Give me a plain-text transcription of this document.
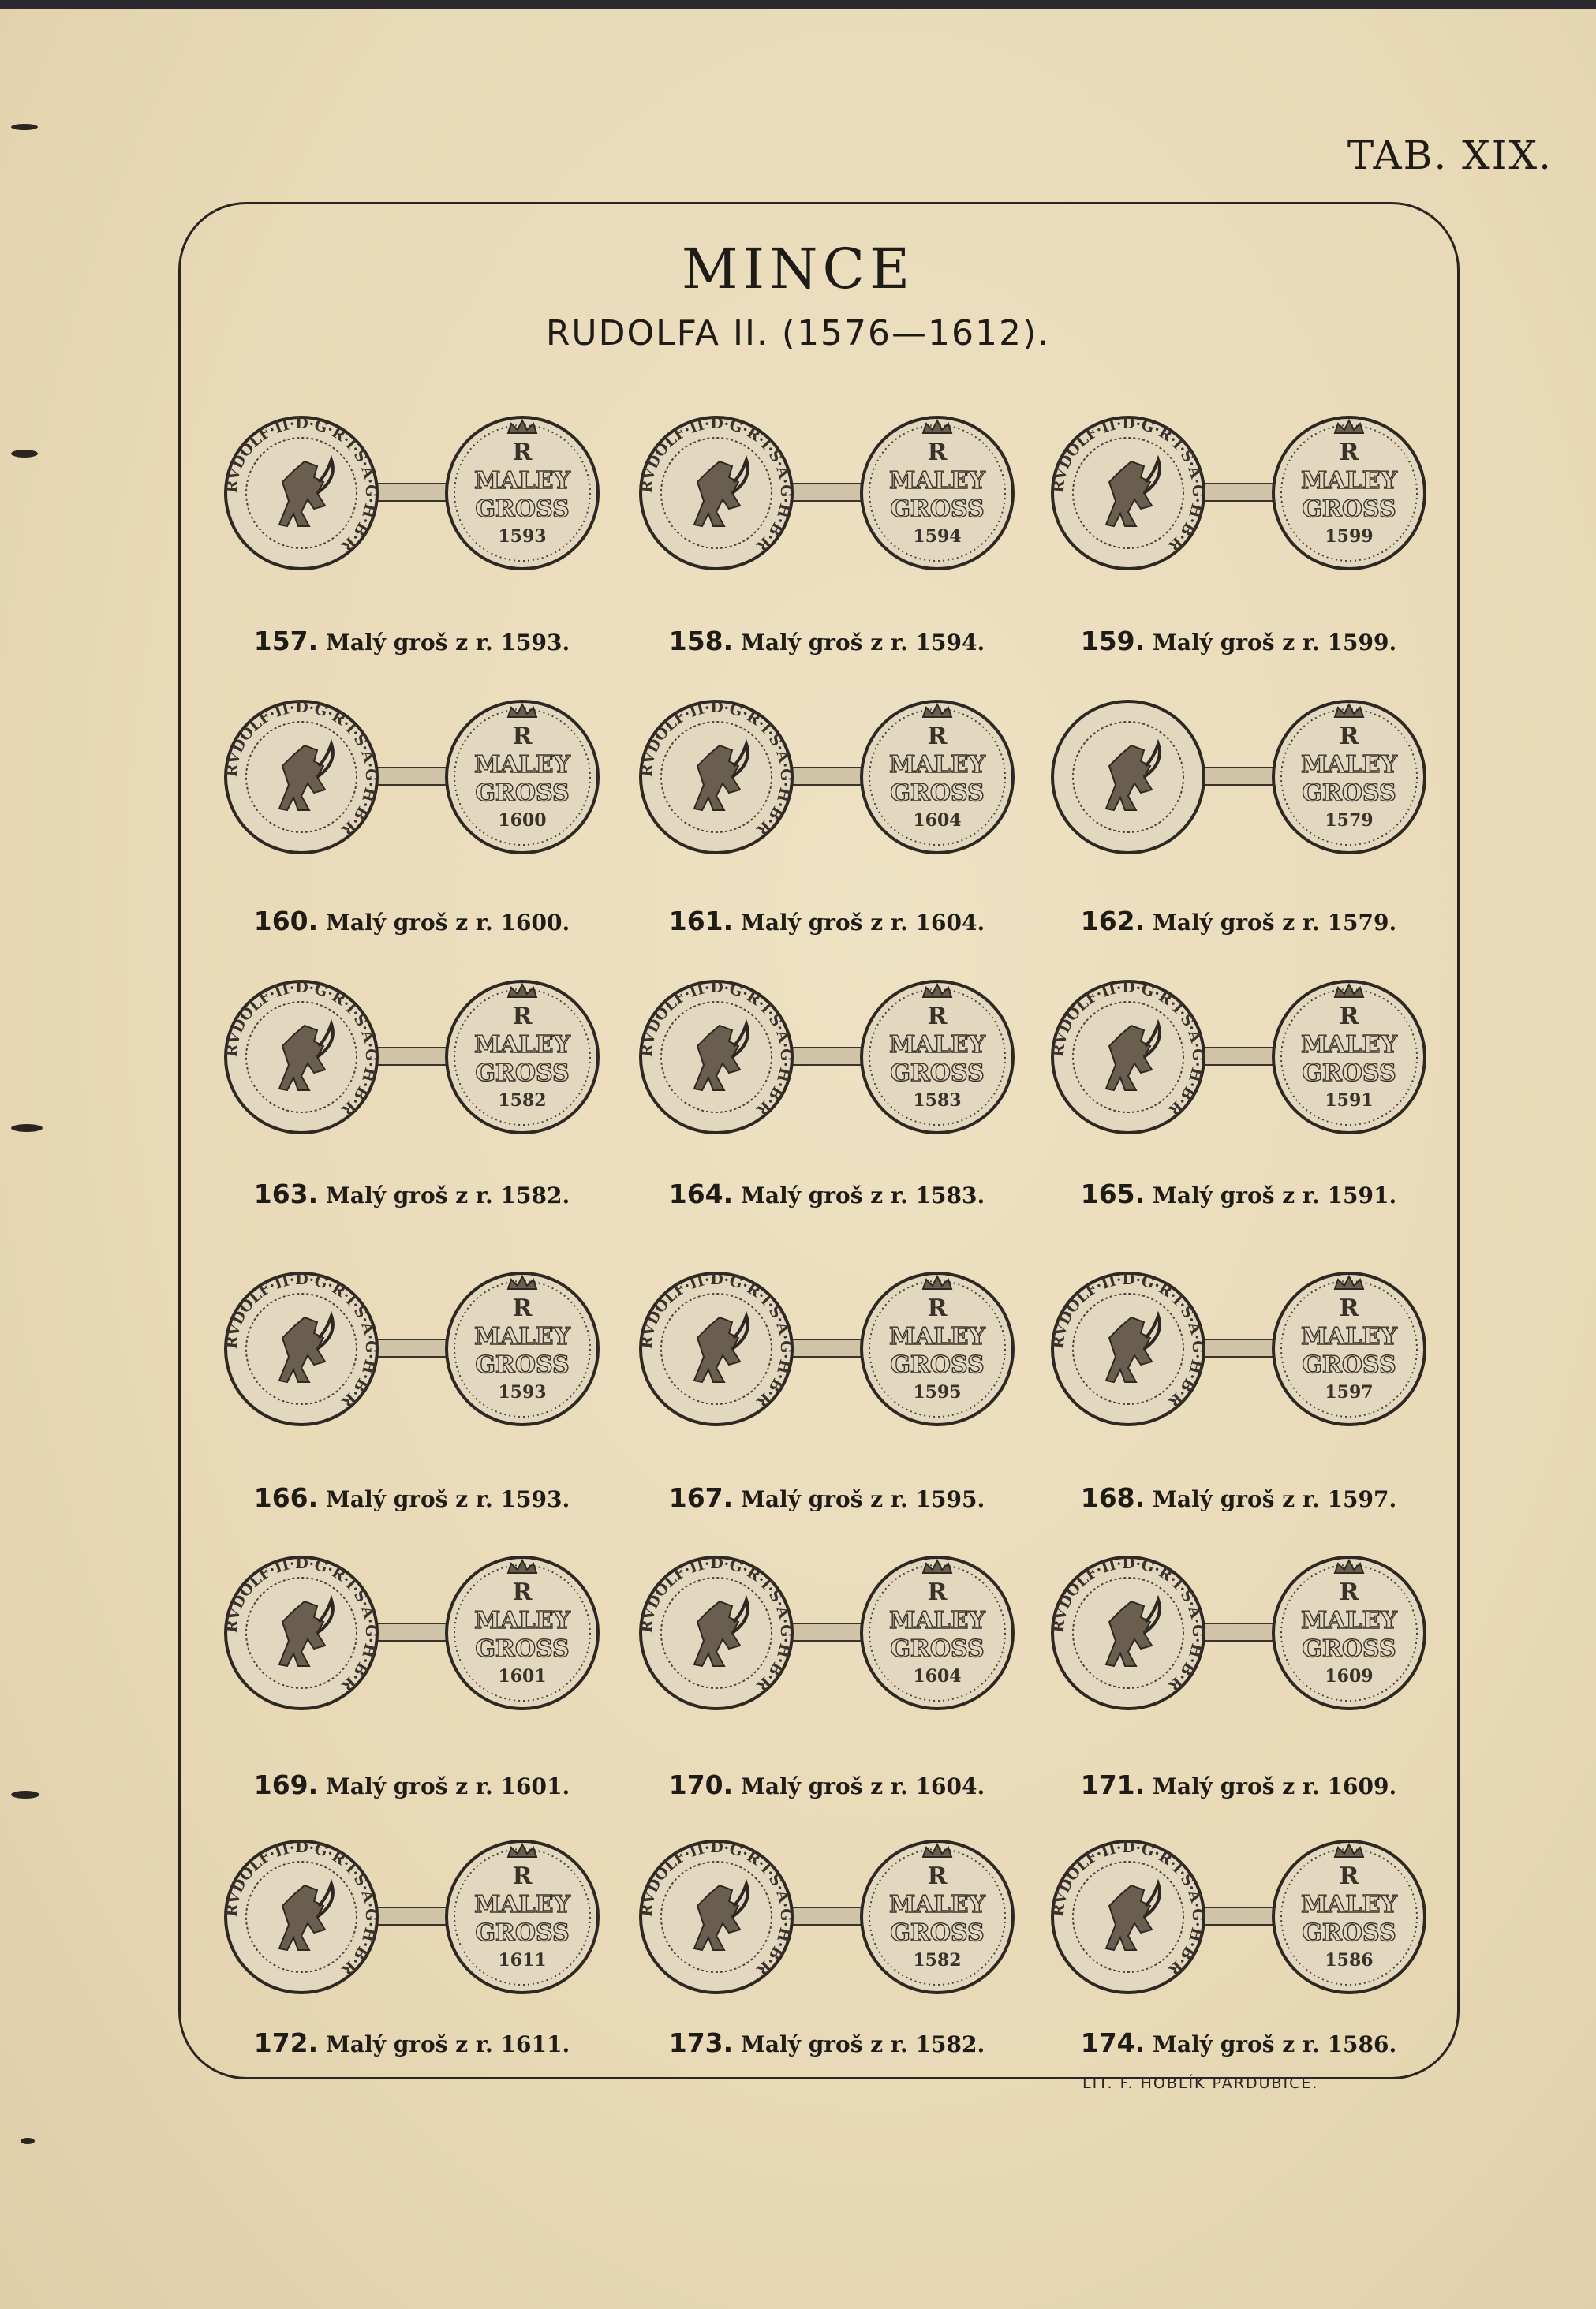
TAB. XIX.
MINCE
RUDOLFA II. (1576—1612).
RVDOLF·II·D·G·R·I·S·A·G·H·B·R
R
MALEY
GROSS
1593
157. Malý groš z r. 1593.
RVDOLF·II·D·G·R·I·S·A·G·H·B·R
R
MALEY
GROSS
1594
158. Malý groš z r. 1594.
RVDOLF·II·D·G·R·I·S·A·G·H·B·R
R
MALEY
GROSS
1599
159. Malý groš z r. 1599.
RVDOLF·II·D·G·R·I·S·A·G·H·B·R
R
MALEY
GROSS
1600
160. Malý groš z r. 1600.
RVDOLF·II·D·G·R·I·S·A·G·H·B·R
R
MALEY
GROSS
1604
161. Malý groš z r. 1604.
R
MALEY
GROSS
1579
162. Malý groš z r. 1579.
RVDOLF·II·D·G·R·I·S·A·G·H·B·R
R
MALEY
GROSS
1582
163. Malý groš z r. 1582.
RVDOLF·II·D·G·R·I·S·A·G·H·B·R
R
MALEY
GROSS
1583
164. Malý groš z r. 1583.
RVDOLF·II·D·G·R·I·S·A·G·H·B·R
R
MALEY
GROSS
1591
165. Malý groš z r. 1591.
RVDOLF·II·D·G·R·I·S·A·G·H·B·R
R
MALEY
GROSS
1593
166. Malý groš z r. 1593.
RVDOLF·II·D·G·R·I·S·A·G·H·B·R
R
MALEY
GROSS
1595
167. Malý groš z r. 1595.
RVDOLF·II·D·G·R·I·S·A·G·H·B·R
R
MALEY
GROSS
1597
168. Malý groš z r. 1597.
RVDOLF·II·D·G·R·I·S·A·G·H·B·R
R
MALEY
GROSS
1601
169. Malý groš z r. 1601.
RVDOLF·II·D·G·R·I·S·A·G·H·B·R
R
MALEY
GROSS
1604
170. Malý groš z r. 1604.
RVDOLF·II·D·G·R·I·S·A·G·H·B·R
R
MALEY
GROSS
1609
171. Malý groš z r. 1609.
RVDOLF·II·D·G·R·I·S·A·G·H·B·R
R
MALEY
GROSS
1611
172. Malý groš z r. 1611.
RVDOLF·II·D·G·R·I·S·A·G·H·B·R
R
MALEY
GROSS
1582
173. Malý groš z r. 1582.
RVDOLF·II·D·G·R·I·S·A·G·H·B·R
R
MALEY
GROSS
1586
174. Malý groš z r. 1586.
LIT. F. HOBLÍK PARDUBICE.
